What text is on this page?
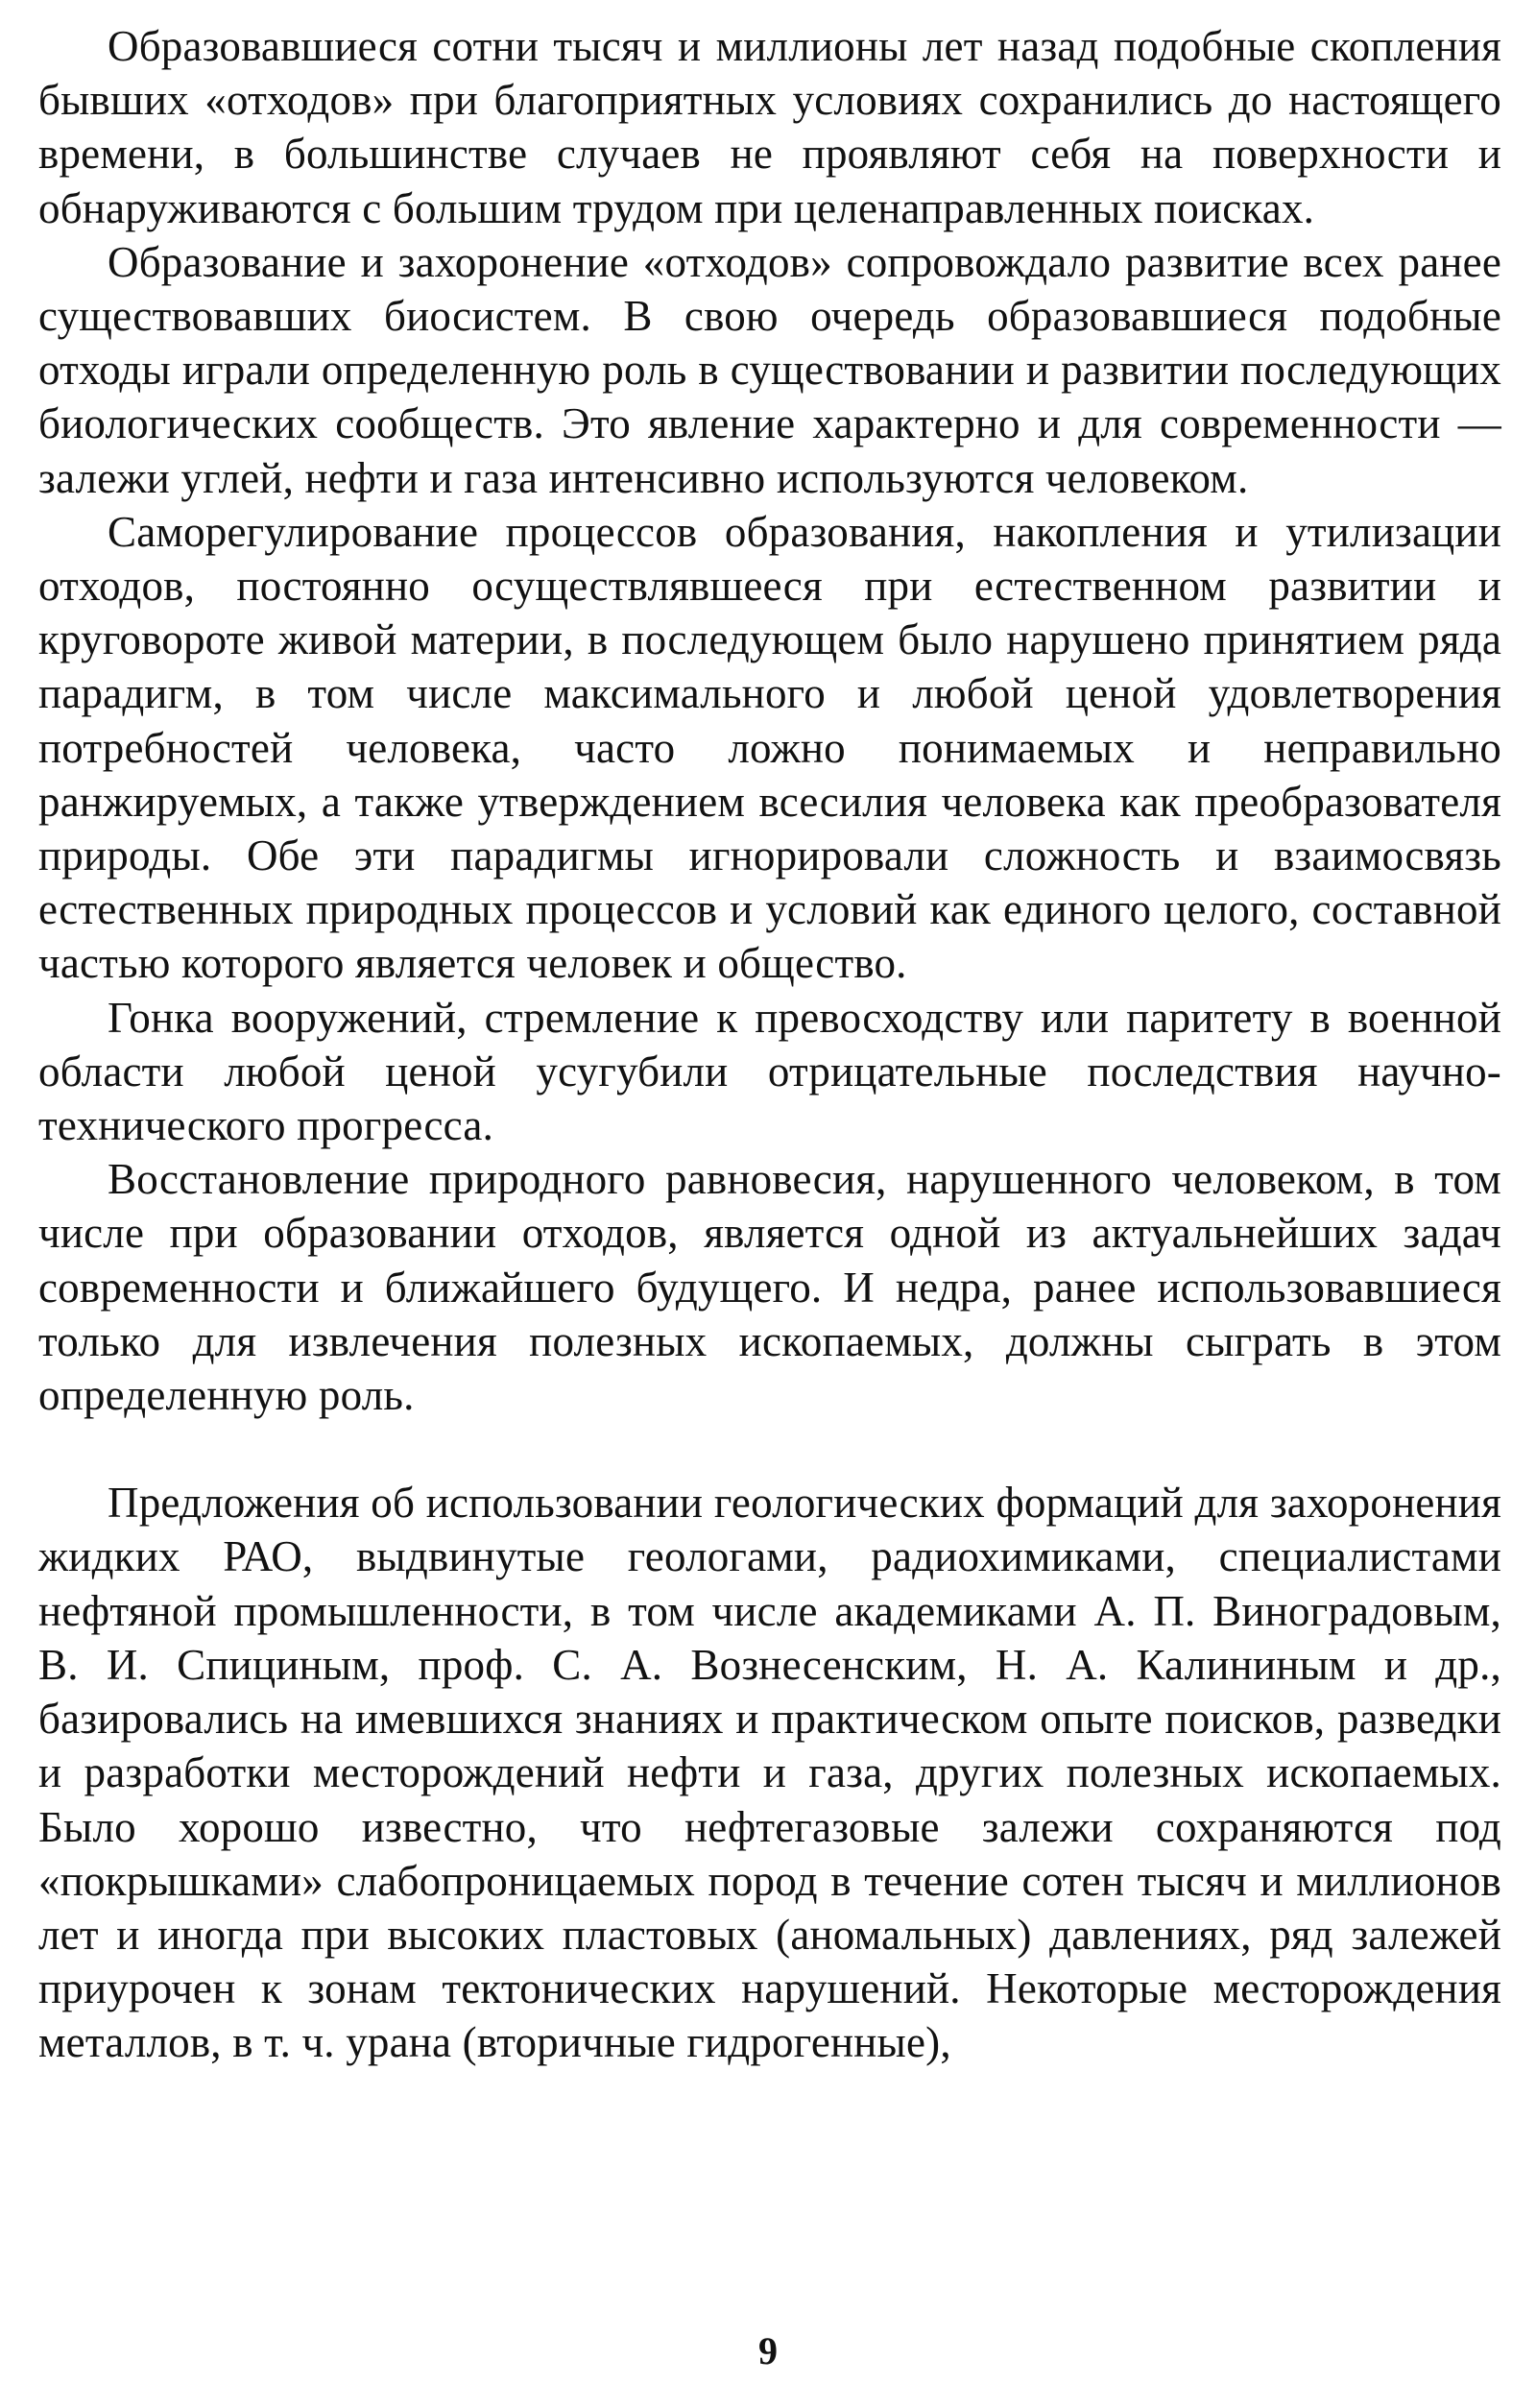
Образовавшиеся сотни тысяч и миллионы лет назад подобные скопления бывших «отходов» при благоприятных условиях сохранились до настоящего времени, в большинстве случаев не проявляют себя на поверхности и обнаруживаются с большим трудом при целенаправленных поисках.

Образование и захоронение «отходов» сопровождало развитие всех ранее существовавших биосистем. В свою очередь образовавшиеся подобные отходы играли определенную роль в существовании и развитии последующих биологических сообществ. Это явление характерно и для современности — залежи углей, нефти и газа интенсивно используются человеком.

Саморегулирование процессов образования, накопления и утилизации отходов, постоянно осуществлявшееся при естественном развитии и круговороте живой материи, в последующем было нарушено принятием ряда парадигм, в том числе максимального и любой ценой удовлетворения потребностей человека, часто ложно понимаемых и неправильно ранжируемых, а также утверждением всесилия человека как преобразователя природы. Обе эти парадигмы игнорировали сложность и взаимосвязь естественных природных процессов и условий как единого целого, составной частью которого является человек и общество.

Гонка вооружений, стремление к превосходству или паритету в военной области любой ценой усугубили отрицательные последствия научно-технического прогресса.

Восстановление природного равновесия, нарушенного человеком, в том числе при образовании отходов, является одной из актуальнейших задач современности и ближайшего будущего. И недра, ранее использовавшиеся только для извлечения полезных ископаемых, должны сыграть в этом определенную роль.

Предложения об использовании геологических формаций для захоронения жидких РАО, выдвинутые геологами, радиохимиками, специалистами нефтяной промышленности, в том числе академиками А. П. Виноградовым, В. И. Спициным, проф. С. А. Вознесенским, Н. А. Калининым и др., базировались на имевшихся знаниях и практическом опыте поисков, разведки и разработки месторождений нефти и газа, других полезных ископаемых. Было хорошо известно, что нефтегазовые залежи сохраняются под «покрышками» слабопроницаемых пород в течение сотен тысяч и миллионов лет и иногда при высоких пластовых (аномальных) давлениях, ряд залежей приурочен к зонам тектонических нарушений. Некоторые месторождения металлов, в т. ч. урана (вторичные гидрогенные),

9
